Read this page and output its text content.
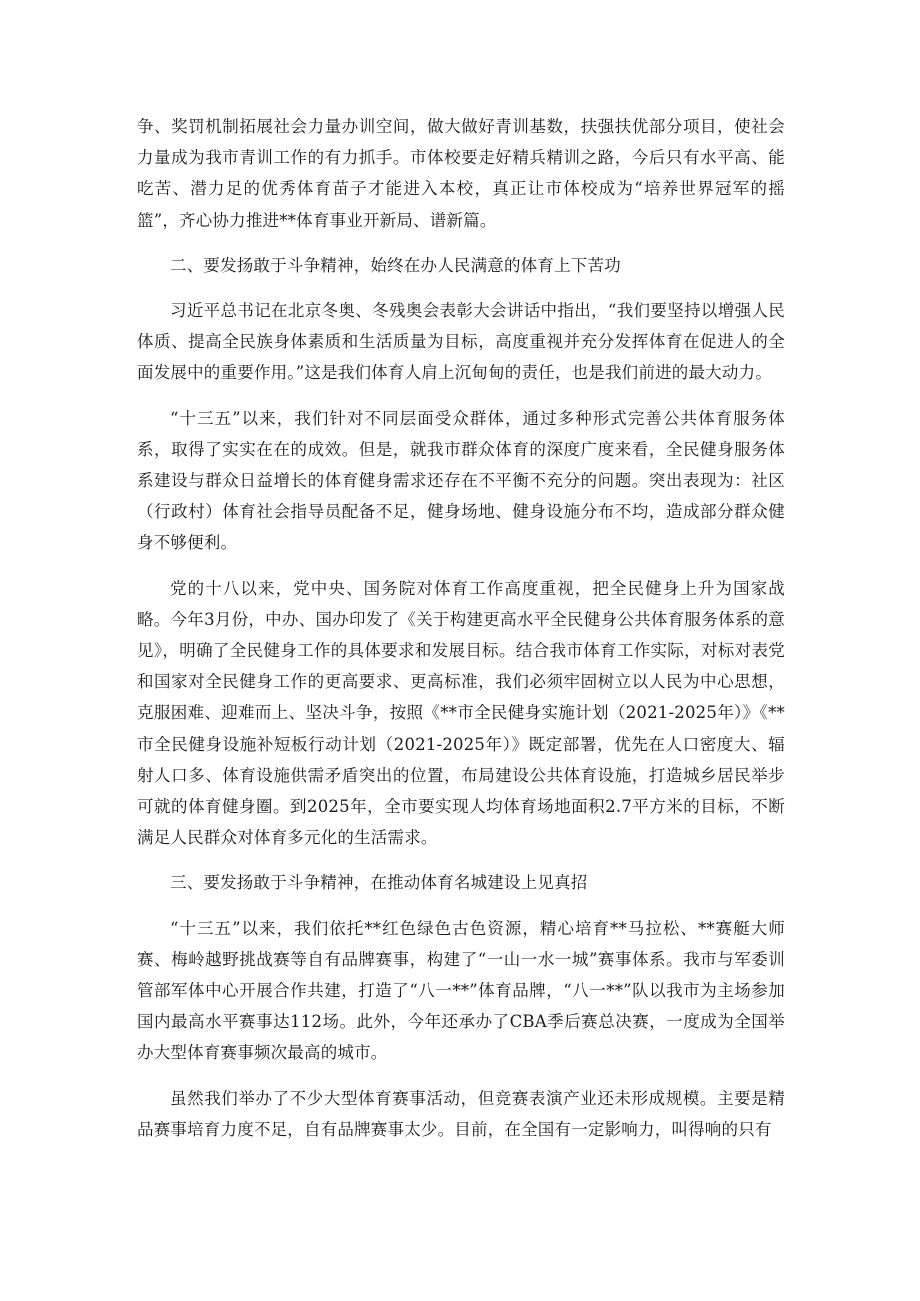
争、奖罚机制拓展社会力量办训空间，做大做好青训基数，扶强扶优部分项目，使社会力量成为我市青训工作的有力抓手。市体校要走好精兵精训之路，今后只有水平高、能吃苦、潜力足的优秀体育苗子才能进入本校，真正让市体校成为“培养世界冠军的摇篮”，齐心协力推进**体育事业开新局、谱新篇。

二、要发扬敢于斗争精神，始终在办人民满意的体育上下苦功

习近平总书记在北京冬奥、冬残奥会表彰大会讲话中指出，“我们要坚持以增强人民体质、提高全民族身体素质和生活质量为目标，高度重视并充分发挥体育在促进人的全面发展中的重要作用。”这是我们体育人肩上沉甸甸的责任，也是我们前进的最大动力。

“十三五”以来，我们针对不同层面受众群体，通过多种形式完善公共体育服务体系，取得了实实在在的成效。但是，就我市群众体育的深度广度来看，全民健身服务体系建设与群众日益增长的体育健身需求还存在不平衡不充分的问题。突出表现为：社区（行政村）体育社会指导员配备不足，健身场地、健身设施分布不均，造成部分群众健身不够便利。

党的十八以来，党中央、国务院对体育工作高度重视，把全民健身上升为国家战略。今年3月份，中办、国办印发了《关于构建更高水平全民健身公共体育服务体系的意见》，明确了全民健身工作的具体要求和发展目标。结合我市体育工作实际，对标对表党和国家对全民健身工作的更高要求、更高标准，我们必须牢固树立以人民为中心思想，克服困难、迎难而上、坚决斗争，按照《**市全民健身实施计划（2021-2025年）》《**市全民健身设施补短板行动计划（2021-2025年）》既定部署，优先在人口密度大、辐射人口多、体育设施供需矛盾突出的位置，布局建设公共体育设施，打造城乡居民举步可就的体育健身圈。到2025年，全市要实现人均体育场地面积2.7平方米的目标，不断满足人民群众对体育多元化的生活需求。

三、要发扬敢于斗争精神，在推动体育名城建设上见真招

“十三五”以来，我们依托**红色绿色古色资源，精心培育**马拉松、**赛艇大师赛、梅岭越野挑战赛等自有品牌赛事，构建了“一山一水一城”赛事体系。我市与军委训管部军体中心开展合作共建，打造了“八一**”体育品牌，“八一**”队以我市为主场参加国内最高水平赛事达112场。此外，今年还承办了CBA季后赛总决赛，一度成为全国举办大型体育赛事频次最高的城市。

虽然我们举办了不少大型体育赛事活动，但竞赛表演产业还未形成规模。主要是精品赛事培育力度不足，自有品牌赛事太少。目前，在全国有一定影响力，叫得响的只有
